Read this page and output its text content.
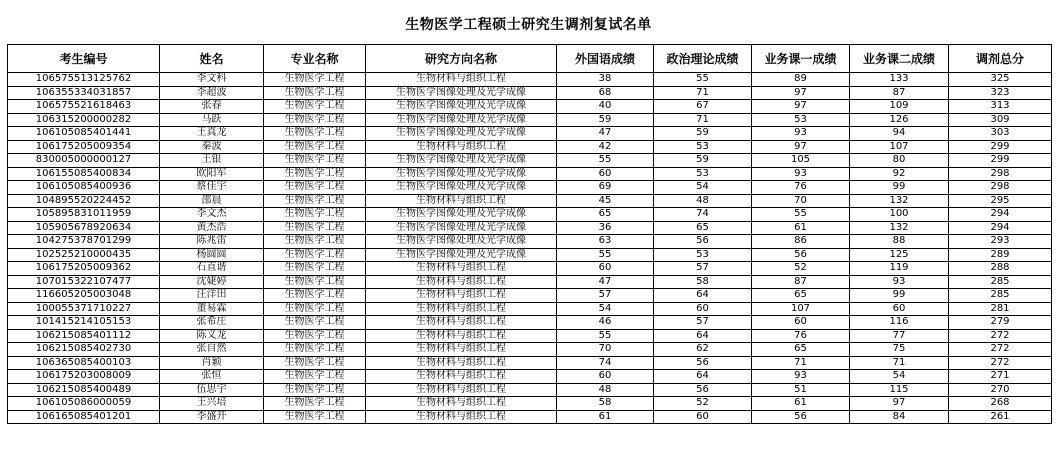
生物医学工程硕士研究生调剂复试名单
考生编号	姓名	专业名称	研究方向名称	外国语成绩	政治理论成绩	业务课一成绩	业务课二成绩	调剂总分
106575513125762	李文科	生物医学工程	生物材料与组织工程	38	55	89	133	325
106355334031857	李超波	生物医学工程	生物医学图像处理及光学成像	68	71	97	87	323
106575521618463	张春	生物医学工程	生物医学图像处理及光学成像	40	67	97	109	313
106315200000282	马跃	生物医学工程	生物医学图像处理及光学成像	59	71	53	126	309
106105085401441	王真龙	生物医学工程	生物医学图像处理及光学成像	47	59	93	94	303
106175205009354	秦波	生物医学工程	生物材料与组织工程	42	53	97	107	299
830005000000127	王银	生物医学工程	生物医学图像处理及光学成像	55	59	105	80	299
106155085400834	欧阳军	生物医学工程	生物医学图像处理及光学成像	60	53	93	92	298
106105085400936	蔡佳宇	生物医学工程	生物医学图像处理及光学成像	69	54	76	99	298
104895520224452	邵晨	生物医学工程	生物材料与组织工程	45	48	70	132	295
105895831011959	李文杰	生物医学工程	生物医学图像处理及光学成像	65	74	55	100	294
105905678920634	黄杰浩	生物医学工程	生物医学图像处理及光学成像	36	65	61	132	294
104275378701299	陈兆雷	生物医学工程	生物医学图像处理及光学成像	63	56	86	88	293
102525210000435	杨圆圆	生物医学工程	生物医学图像处理及光学成像	55	53	56	125	289
106175205009362	石直谐	生物医学工程	生物材料与组织工程	60	57	52	119	288
107015322107477	沈婕婷	生物医学工程	生物材料与组织工程	47	58	87	93	285
116605205003048	汪洋田	生物医学工程	生物材料与组织工程	57	64	65	99	285
100055371710227	董易霖	生物医学工程	生物材料与组织工程	54	60	107	60	281
101415214105153	张希庄	生物医学工程	生物材料与组织工程	46	57	60	116	279
106215085401112	陈义龙	生物医学工程	生物材料与组织工程	55	64	76	77	272
106215085402730	张自然	生物医学工程	生物材料与组织工程	70	62	65	75	272
106365085400103	肖颖	生物医学工程	生物材料与组织工程	74	56	71	71	272
106175203008009	张恒	生物医学工程	生物材料与组织工程	60	64	93	54	271
106215085400489	伍思宇	生物医学工程	生物材料与组织工程	48	56	51	115	270
106105086000059	王兴培	生物医学工程	生物材料与组织工程	58	52	61	97	268
106165085401201	李盛开	生物医学工程	生物材料与组织工程	61	60	56	84	261
